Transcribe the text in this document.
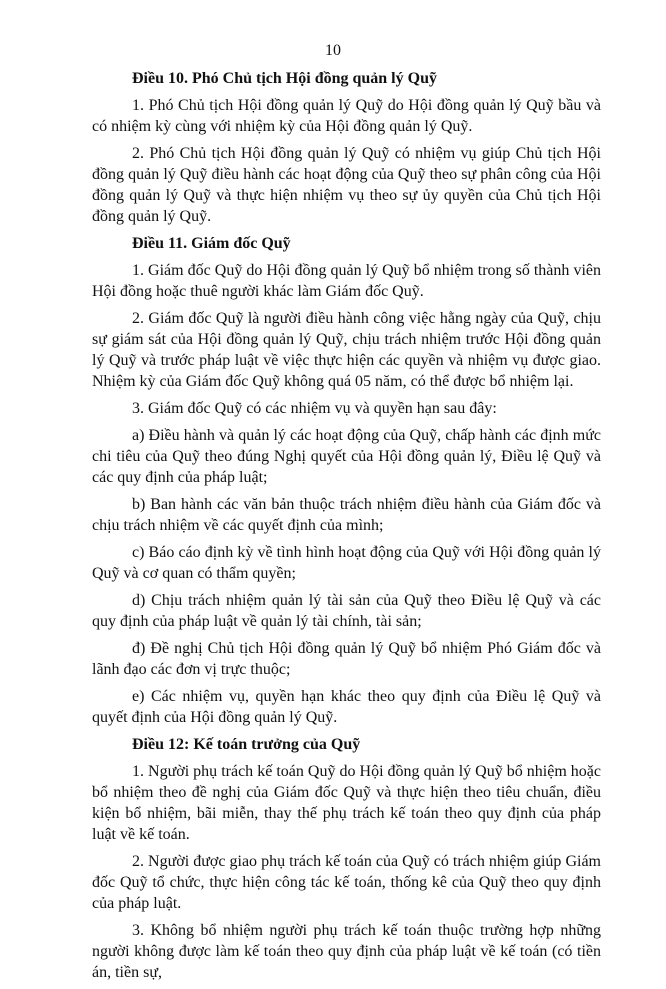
10
Điều 10. Phó Chủ tịch Hội đồng quản lý Quỹ
1. Phó Chủ tịch Hội đồng quản lý Quỹ do Hội đồng quản lý Quỹ bầu và có nhiệm kỳ cùng với nhiệm kỳ của Hội đồng quản lý Quỹ.
2. Phó Chủ tịch Hội đồng quản lý Quỹ có nhiệm vụ giúp Chủ tịch Hội đồng quản lý Quỹ điều hành các hoạt động của Quỹ theo sự phân công của Hội đồng quản lý Quỹ và thực hiện nhiệm vụ theo sự ủy quyền của Chủ tịch Hội đồng quản lý Quỹ.
Điều 11. Giám đốc Quỹ
1. Giám đốc Quỹ do Hội đồng quản lý Quỹ bổ nhiệm trong số thành viên Hội đồng hoặc thuê người khác làm Giám đốc Quỹ.
2. Giám đốc Quỹ là người điều hành công việc hằng ngày của Quỹ, chịu sự giám sát của Hội đồng quản lý Quỹ, chịu trách nhiệm trước Hội đồng quản lý Quỹ và trước pháp luật về việc thực hiện các quyền và nhiệm vụ được giao. Nhiệm kỳ của Giám đốc Quỹ không quá 05 năm, có thể được bổ nhiệm lại.
3. Giám đốc Quỹ có các nhiệm vụ và quyền hạn sau đây:
a) Điều hành và quản lý các hoạt động của Quỹ, chấp hành các định mức chi tiêu của Quỹ theo đúng Nghị quyết của Hội đồng quản lý, Điều lệ Quỹ và các quy định của pháp luật;
b) Ban hành các văn bản thuộc trách nhiệm điều hành của Giám đốc và chịu trách nhiệm về các quyết định của mình;
c) Báo cáo định kỳ về tình hình hoạt động của Quỹ với Hội đồng quản lý Quỹ và cơ quan có thẩm quyền;
d) Chịu trách nhiệm quản lý tài sản của Quỹ theo Điều lệ Quỹ và các quy định của pháp luật về quản lý tài chính, tài sản;
đ) Đề nghị Chủ tịch Hội đồng quản lý Quỹ bổ nhiệm Phó Giám đốc và lãnh đạo các đơn vị trực thuộc;
e) Các nhiệm vụ, quyền hạn khác theo quy định của Điều lệ Quỹ và quyết định của Hội đồng quản lý Quỹ.
Điều 12: Kế toán trưởng của Quỹ
1. Người phụ trách kế toán Quỹ do Hội đồng quản lý Quỹ bổ nhiệm hoặc bổ nhiệm theo đề nghị của Giám đốc Quỹ và thực hiện theo tiêu chuẩn, điều kiện bổ nhiệm, bãi miễn, thay thế phụ trách kế toán theo quy định của pháp luật về kế toán.
2. Người được giao phụ trách kế toán của Quỹ có trách nhiệm giúp Giám đốc Quỹ tổ chức, thực hiện công tác kế toán, thống kê của Quỹ theo quy định của pháp luật.
3. Không bổ nhiệm người phụ trách kế toán thuộc trường hợp những người không được làm kế toán theo quy định của pháp luật về kế toán (có tiền án, tiền sự,
